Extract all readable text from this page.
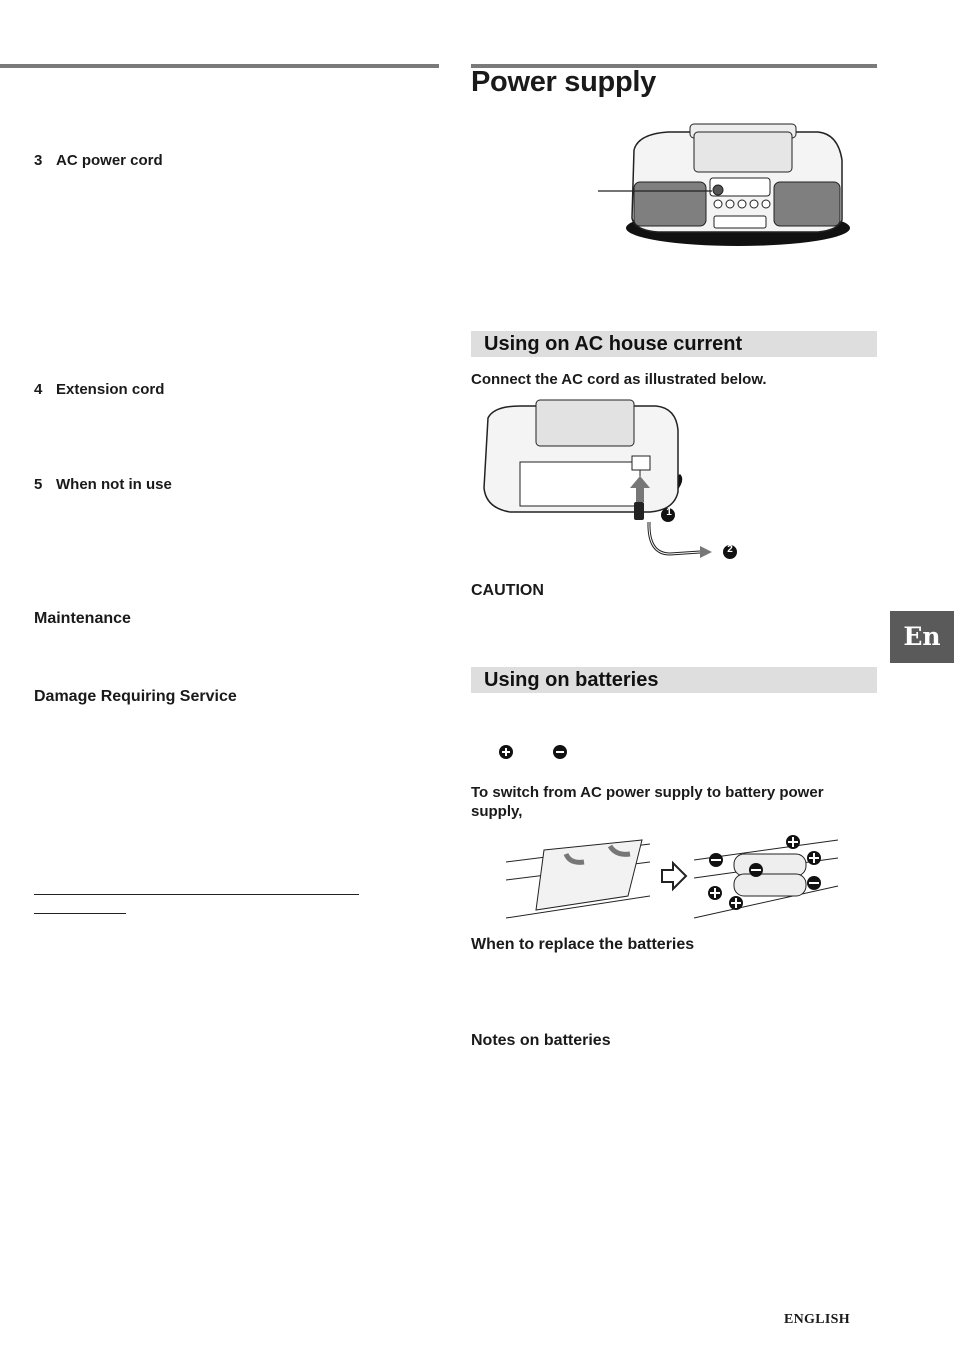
3 AC power cord
4 Extension cord
5 When not in use
Maintenance
Damage Requiring Service
Power supply
Using on AC house current
Connect the AC cord as illustrated below.
1
2
CAUTION
Using on batteries
To switch from AC power supply to battery power supply,
When to replace the batteries
Notes on batteries
En
ENGLISH
